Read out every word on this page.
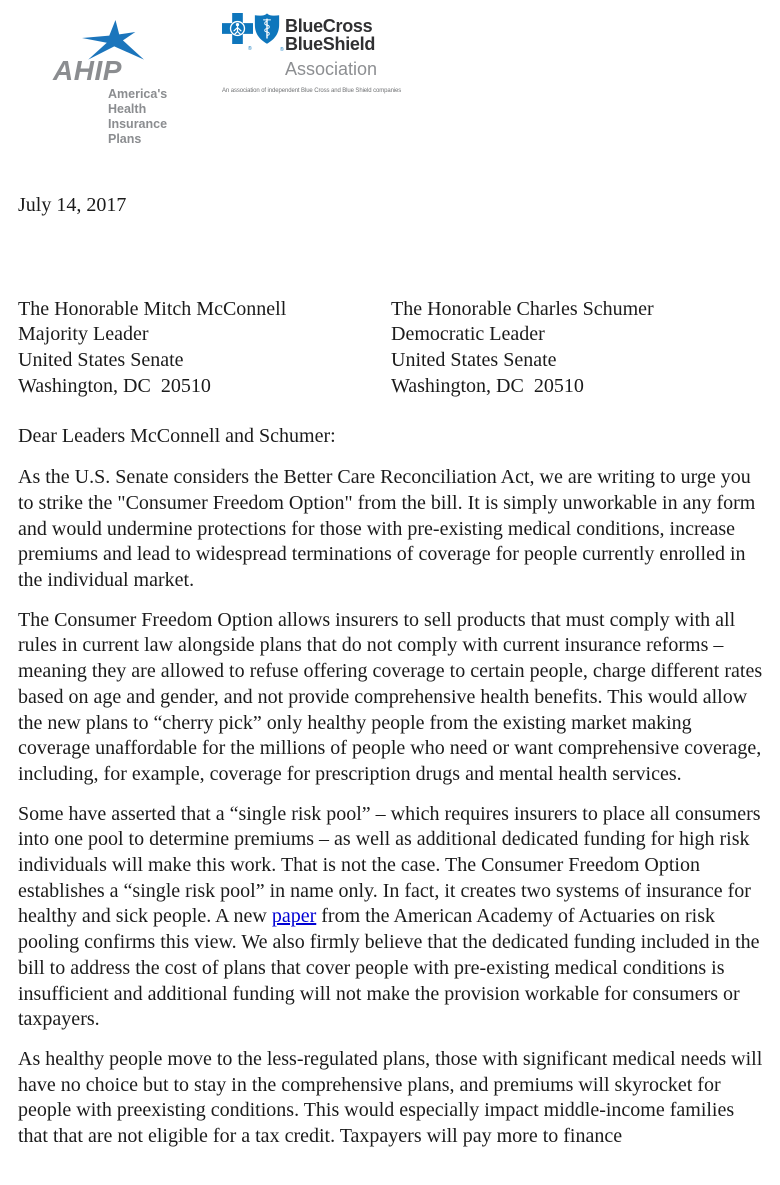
AHIP
America's Health
Insurance Plans
®	®
BlueCross
BlueShield
Association
An association of independent Blue Cross and Blue Shield companies
July 14, 2017
The Honorable Mitch McConnell
Majority Leader
United States Senate
Washington, DC  20510
The Honorable Charles Schumer
Democratic Leader
United States Senate
Washington, DC  20510

Dear Leaders McConnell and Schumer:

As the U.S. Senate considers the Better Care Reconciliation Act, we are writing to urge you to strike the "Consumer Freedom Option" from the bill. It is simply unworkable in any form and would undermine protections for those with pre-existing medical conditions, increase premiums and lead to widespread terminations of coverage for people currently enrolled in the individual market.

The Consumer Freedom Option allows insurers to sell products that must comply with all rules in current law alongside plans that do not comply with current insurance reforms – meaning they are allowed to refuse offering coverage to certain people, charge different rates based on age and gender, and not provide comprehensive health benefits. This would allow the new plans to “cherry pick” only healthy people from the existing market making coverage unaffordable for the millions of people who need or want comprehensive coverage, including, for example, coverage for prescription drugs and mental health services.

Some have asserted that a “single risk pool” – which requires insurers to place all consumers into one pool to determine premiums – as well as additional dedicated funding for high risk individuals will make this work. That is not the case. The Consumer Freedom Option establishes a “single risk pool” in name only. In fact, it creates two systems of insurance for healthy and sick people. A new paper from the American Academy of Actuaries on risk pooling confirms this view. We also firmly believe that the dedicated funding included in the bill to address the cost of plans that cover people with pre-existing medical conditions is insufficient and additional funding will not make the provision workable for consumers or taxpayers.

As healthy people move to the less-regulated plans, those with significant medical needs will have no choice but to stay in the comprehensive plans, and premiums will skyrocket for people with preexisting conditions. This would especially impact middle-income families that that are not eligible for a tax credit. Taxpayers will pay more to finance
